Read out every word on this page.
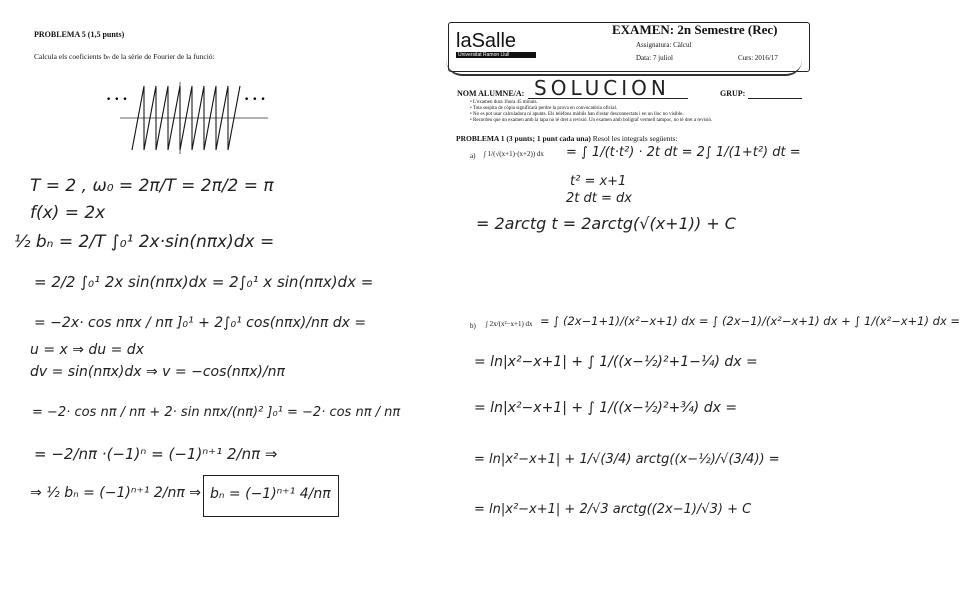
PROBLEMA 5 (1,5 punts)
Calcula els coeficients bₙ de la sèrie de Fourier de la funció:
• • •	• • •
T = 2 , ω₀ = 2π/T = 2π/2 = π
f(x) = 2x
½ bₙ = 2/T ∫₀¹ 2x·sin(nπx)dx =
= 2/2 ∫₀¹ 2x sin(nπx)dx = 2∫₀¹ x sin(nπx)dx =
= −2x· cos nπx / nπ ]₀¹ + 2∫₀¹ cos(nπx)/nπ dx =
u = x ⇒ du = dx
dv = sin(nπx)dx ⇒ v = −cos(nπx)/nπ
= −2· cos nπ / nπ + 2· sin nπx/(nπ)² ]₀¹ = −2· cos nπ / nπ
= −2/nπ ·(−1)ⁿ = (−1)ⁿ⁺¹ 2/nπ ⇒
⇒ ½ bₙ = (−1)ⁿ⁺¹ 2/nπ ⇒ bₙ = (−1)ⁿ⁺¹ 4/nπ
laSalle
Universitat Ramon Llull
EXAMEN: 2n Semestre (Rec)
Assignatura: Càlcul
Data: 7 juliol	Curs: 2016/17
NOM ALUMNE/A: SOLUCION	GRUP:
• L'examen dura 1hora 45 minuts.
• Tota sospita de còpia significarà perdre la prova en convocatòria oficial.
• No es pot usar calculadora ni apunts. Els telèfons mòbils han d'estar desconnectats i en un lloc no visible.
• Recordeu que un examen amb la tapa no té dret a revisió. Un examen amb bolígraf vermell tampoc, no té dret a revisió.
PROBLEMA 1 (3 punts; 1 punt cada una) Resol les integrals següents:
a) ∫ 1/(√(x+1)·(x+2)) dx = ∫ 1/(t·t²) · 2t dt = 2∫ 1/(1+t²) dt =
t² = x+1
2t dt = dx
= 2arctg t = 2arctg(√(x+1)) + C
b) ∫ 2x/(x²−x+1) dx = ∫ (2x−1+1)/(x²−x+1) dx = ∫ (2x−1)/(x²−x+1) dx + ∫ 1/(x²−x+1) dx =
= ln|x²−x+1| + ∫ 1/((x−½)²+1−¼) dx =
= ln|x²−x+1| + ∫ 1/((x−½)²+¾) dx =
= ln|x²−x+1| + 1/√(3/4) arctg((x−½)/√(3/4)) =
= ln|x²−x+1| + 2/√3 arctg((2x−1)/√3) + C
